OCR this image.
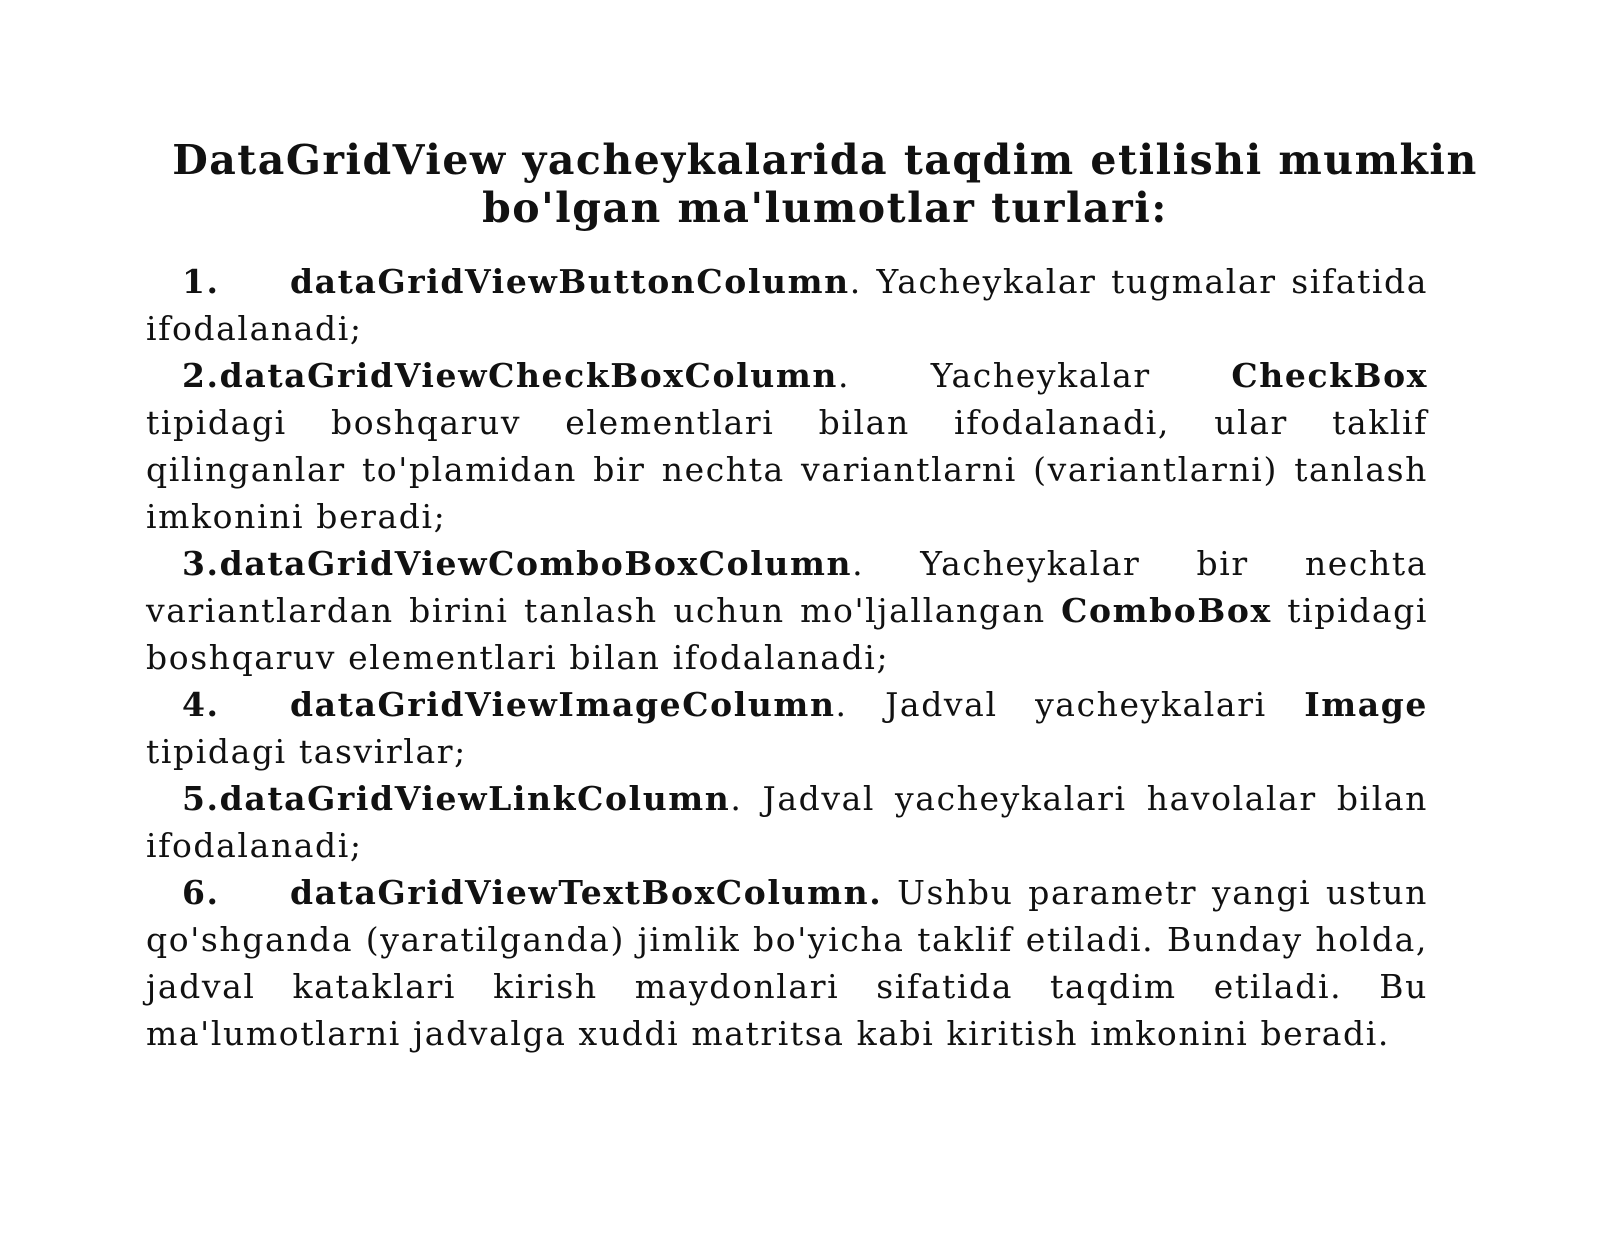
DataGridView yacheykalarida taqdim etilishi mumkin
bo'lgan ma'lumotlar turlari:

1. dataGridViewButtonColumn. Yacheykalar tugmalar sifatida ifodalanadi;

2.dataGridViewCheckBoxColumn. Yacheykalar CheckBox tipidagi boshqaruv elementlari bilan ifodalanadi, ular taklif qilinganlar to'plamidan bir nechta variantlarni (variantlarni) tanlash imkonini beradi;

3.dataGridViewComboBoxColumn. Yacheykalar bir nechta variantlardan birini tanlash uchun mo'ljallangan ComboBox tipidagi boshqaruv elementlari bilan ifodalanadi;

4. dataGridViewImageColumn. Jadval yacheykalari Image tipidagi tasvirlar;

5.dataGridViewLinkColumn. Jadval yacheykalari havolalar bilan ifodalanadi;

6. dataGridViewTextBoxColumn. Ushbu parametr yangi ustun qo'shganda (yaratilganda) jimlik bo'yicha taklif etiladi. Bunday holda, jadval kataklari kirish maydonlari sifatida taqdim etiladi. Bu ma'lumotlarni jadvalga xuddi matritsa kabi kiritish imkonini beradi.
